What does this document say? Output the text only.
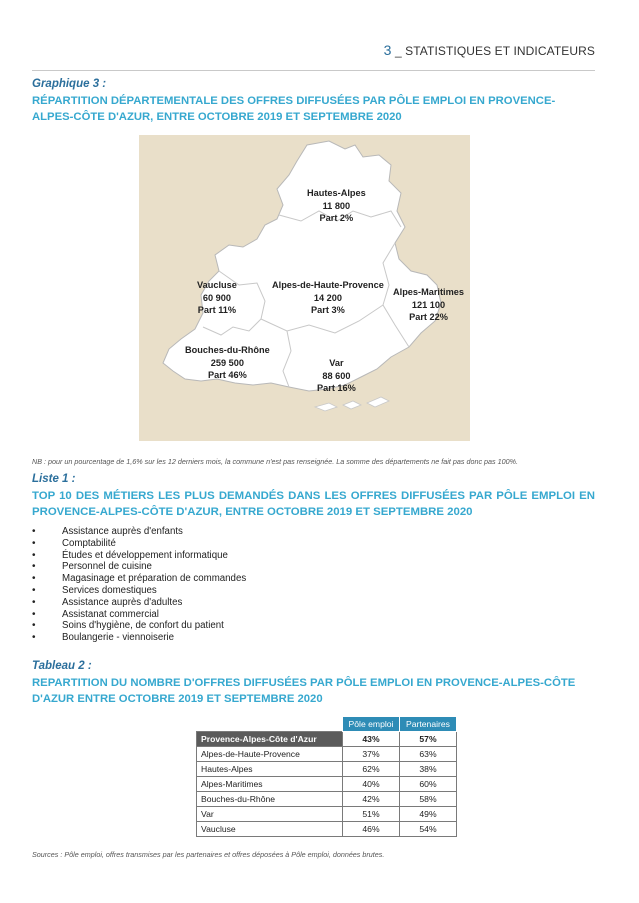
3 _ STATISTIQUES ET INDICATEURS
Graphique 3 :
RÉPARTITION DÉPARTEMENTALE DES OFFRES DIFFUSÉES PAR PÔLE EMPLOI EN PROVENCE-ALPES-CÔTE D'AZUR, ENTRE OCTOBRE 2019 ET SEPTEMBRE 2020
Hautes-Alpes
11 800
Part 2%
Vaucluse
60 900
Part 11%
Alpes-de-Haute-Provence
14 200
Part 3%
Alpes-Maritimes
121 100
Part 22%
Bouches-du-Rhône
259 500
Part 46%
Var
88 600
Part 16%
NB : pour un pourcentage de 1,6% sur les 12 derniers mois, la commune n'est pas renseignée. La somme des départements ne fait pas donc pas 100%.
Liste 1 :
TOP 10 DES MÉTIERS LES PLUS DEMANDÉS DANS LES OFFRES DIFFUSÉES PAR PÔLE EMPLOI EN PROVENCE-ALPES-CÔTE D'AZUR, ENTRE OCTOBRE 2019 ET SEPTEMBRE 2020
• Assistance auprès d'enfants
• Comptabilité
• Études et développement informatique
• Personnel de cuisine
• Magasinage et préparation de commandes
• Services domestiques
• Assistance auprès d'adultes
• Assistanat commercial
• Soins d'hygiène, de confort du patient
• Boulangerie - viennoiserie
Tableau 2 :
REPARTITION DU NOMBRE D'OFFRES DIFFUSÉES PAR PÔLE EMPLOI EN PROVENCE-ALPES-CÔTE D'AZUR ENTRE OCTOBRE 2019 ET SEPTEMBRE 2020
	Pôle emploi	Partenaires
Provence-Alpes-Côte d'Azur	43%	57%
Alpes-de-Haute-Provence	37%	63%
Hautes-Alpes	62%	38%
Alpes-Maritimes	40%	60%
Bouches-du-Rhône	42%	58%
Var	51%	49%
Vaucluse	46%	54%
Sources : Pôle emploi, offres transmises par les partenaires et offres déposées à Pôle emploi, données brutes.
